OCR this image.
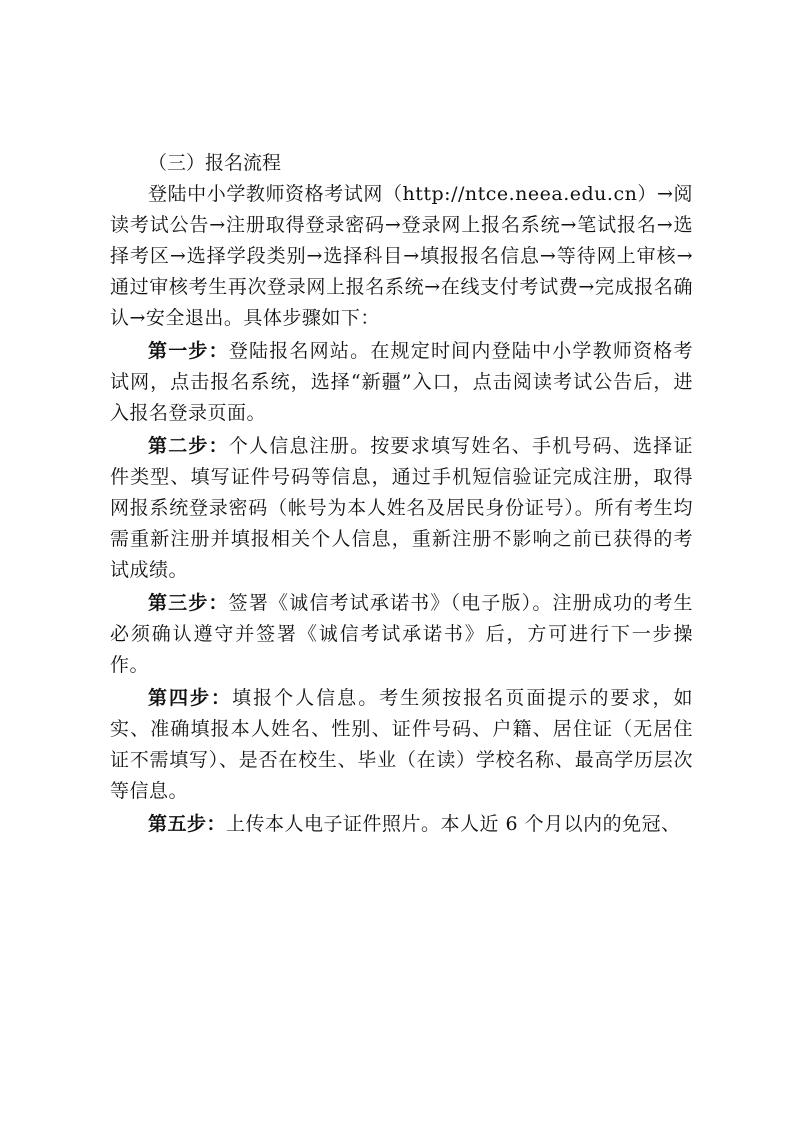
（三）报名流程

登陆中小学教师资格考试网（http://ntce.neea.edu.cn）→阅读考试公告→注册取得登录密码→登录网上报名系统→笔试报名→选择考区→选择学段类别→选择科目→填报报名信息→等待网上审核→通过审核考生再次登录网上报名系统→在线支付考试费→完成报名确认→安全退出。具体步骤如下：

第一步：登陆报名网站。在规定时间内登陆中小学教师资格考试网，点击报名系统，选择“新疆”入口，点击阅读考试公告后，进入报名登录页面。

第二步：个人信息注册。按要求填写姓名、手机号码、选择证件类型、填写证件号码等信息，通过手机短信验证完成注册，取得网报系统登录密码（帐号为本人姓名及居民身份证号）。所有考生均需重新注册并填报相关个人信息，重新注册不影响之前已获得的考试成绩。

第三步：签署《诚信考试承诺书》（电子版）。注册成功的考生必须确认遵守并签署《诚信考试承诺书》后，方可进行下一步操作。

第四步：填报个人信息。考生须按报名页面提示的要求，如实、准确填报本人姓名、性别、证件号码、户籍、居住证（无居住证不需填写）、是否在校生、毕业（在读）学校名称、最高学历层次等信息。

第五步：上传本人电子证件照片。本人近 6 个月以内的免冠、
